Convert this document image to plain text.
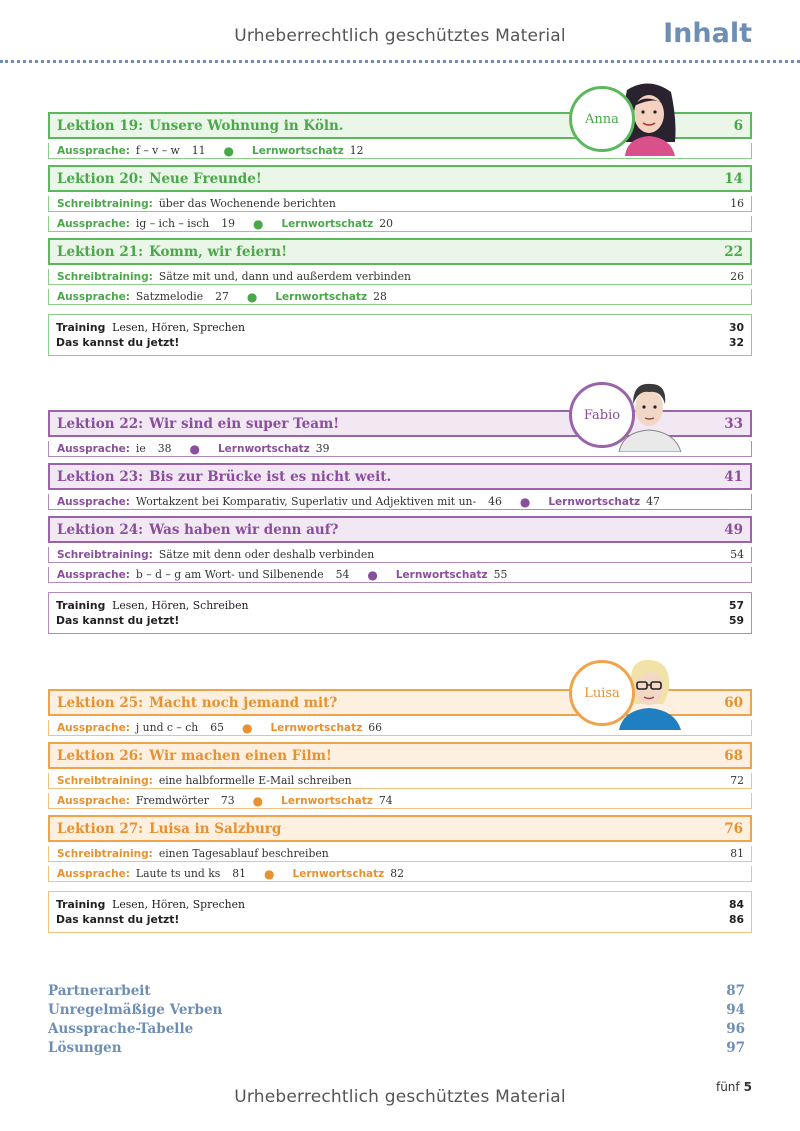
Urheberrechtlich geschütztes Material	Inhalt
Anna
Lektion 19: Unsere Wohnung in Köln.	6
Aussprache: f – v – w 11 ● Lernwortschatz 12
Lektion 20: Neue Freunde!	14
Schreibtraining: über das Wochenende berichten	16
Aussprache: ig – ich – isch 19 ● Lernwortschatz 20
Lektion 21: Komm, wir feiern!	22
Schreibtraining: Sätze mit und, dann und außerdem verbinden	26
Aussprache: Satzmelodie 27 ● Lernwortschatz 28
Training Lesen, Hören, Sprechen	30
Das kannst du jetzt!	32
Fabio
Lektion 22: Wir sind ein super Team!	33
Aussprache: ie 38 ● Lernwortschatz 39
Lektion 23: Bis zur Brücke ist es nicht weit.	41
Aussprache: Wortakzent bei Komparativ, Superlativ und Adjektiven mit un- 46 ● Lernwortschatz 47
Lektion 24: Was haben wir denn auf?	49
Schreibtraining: Sätze mit denn oder deshalb verbinden	54
Aussprache: b – d – g am Wort- und Silbenende 54 ● Lernwortschatz 55
Training Lesen, Hören, Schreiben	57
Das kannst du jetzt!	59
Luisa
Lektion 25: Macht noch jemand mit?	60
Aussprache: j und c – ch 65 ● Lernwortschatz 66
Lektion 26: Wir machen einen Film!	68
Schreibtraining: eine halbformelle E-Mail schreiben	72
Aussprache: Fremdwörter 73 ● Lernwortschatz 74
Lektion 27: Luisa in Salzburg	76
Schreibtraining: einen Tagesablauf beschreiben	81
Aussprache: Laute ts und ks 81 ● Lernwortschatz 82
Training Lesen, Hören, Sprechen	84
Das kannst du jetzt!	86
Partnerarbeit	87
Unregelmäßige Verben	94
Aussprache-Tabelle	96
Lösungen	97
fünf 5
Urheberrechtlich geschütztes Material
